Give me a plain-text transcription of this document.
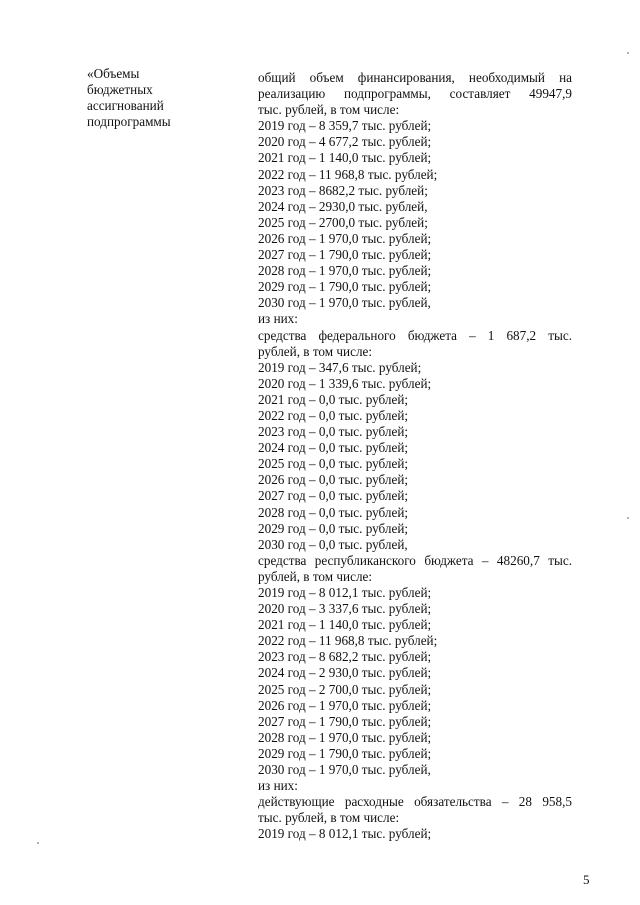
«Объемы
бюджетных
ассигнований
подпрограммы
общий объем финансирования, необходимый на
реализацию подпрограммы, составляет 49947,9
тыс. рублей, в том числе:
2019 год – 8 359,7 тыс. рублей;
2020 год – 4 677,2 тыс. рублей;
2021 год – 1 140,0 тыс. рублей;
2022 год – 11 968,8 тыс. рублей;
2023 год – 8682,2 тыс. рублей;
2024 год – 2930,0 тыс. рублей,
2025 год – 2700,0 тыс. рублей;
2026 год – 1 970,0 тыс. рублей;
2027 год – 1 790,0 тыс. рублей;
2028 год – 1 970,0 тыс. рублей;
2029 год – 1 790,0 тыс. рублей;
2030 год – 1 970,0 тыс. рублей,
из них:
средства федерального бюджета – 1 687,2 тыс.
рублей, в том числе:
2019 год – 347,6 тыс. рублей;
2020 год – 1 339,6 тыс. рублей;
2021 год – 0,0 тыс. рублей;
2022 год – 0,0 тыс. рублей;
2023 год – 0,0 тыс. рублей;
2024 год – 0,0 тыс. рублей;
2025 год – 0,0 тыс. рублей;
2026 год – 0,0 тыс. рублей;
2027 год – 0,0 тыс. рублей;
2028 год – 0,0 тыс. рублей;
2029 год – 0,0 тыс. рублей;
2030 год – 0,0 тыс. рублей,
средства республиканского бюджета – 48260,7 тыс.
рублей, в том числе:
2019 год – 8 012,1 тыс. рублей;
2020 год – 3 337,6 тыс. рублей;
2021 год – 1 140,0 тыс. рублей;
2022 год – 11 968,8 тыс. рублей;
2023 год – 8 682,2 тыс. рублей;
2024 год – 2 930,0 тыс. рублей;
2025 год – 2 700,0 тыс. рублей;
2026 год – 1 970,0 тыс. рублей;
2027 год – 1 790,0 тыс. рублей;
2028 год – 1 970,0 тыс. рублей;
2029 год – 1 790,0 тыс. рублей;
2030 год – 1 970,0 тыс. рублей,
из них:
действующие расходные обязательства – 28 958,5
тыс. рублей, в том числе:
2019 год – 8 012,1 тыс. рублей;
5
